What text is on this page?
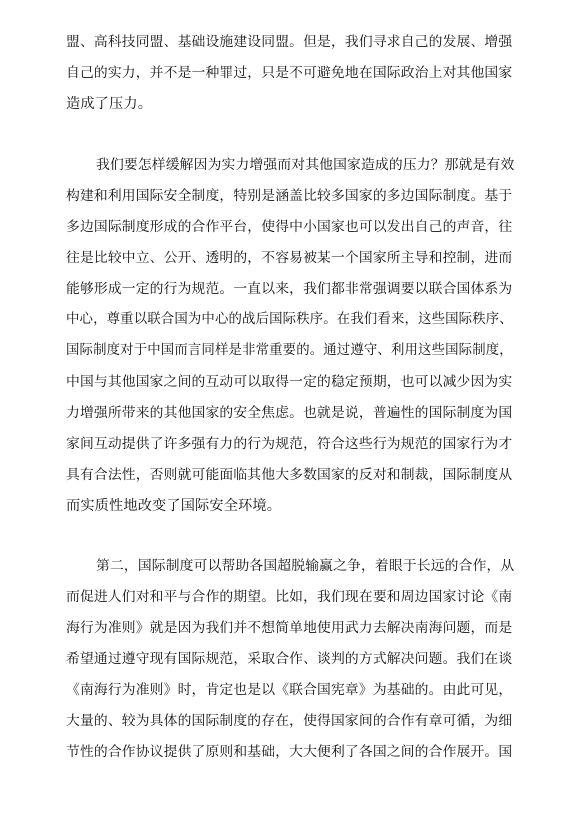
盟、高科技同盟、基础设施建设同盟。但是，我们寻求自己的发展、增强
自己的实力，并不是一种罪过，只是不可避免地在国际政治上对其他国家
造成了压力。
我们要怎样缓解因为实力增强而对其他国家造成的压力？那就是有效
构建和利用国际安全制度，特别是涵盖比较多国家的多边国际制度。基于
多边国际制度形成的合作平台，使得中小国家也可以发出自己的声音，往
往是比较中立、公开、透明的，不容易被某一个国家所主导和控制，进而
能够形成一定的行为规范。一直以来，我们都非常强调要以联合国体系为
中心，尊重以联合国为中心的战后国际秩序。在我们看来，这些国际秩序、
国际制度对于中国而言同样是非常重要的。通过遵守、利用这些国际制度，
中国与其他国家之间的互动可以取得一定的稳定预期，也可以减少因为实
力增强所带来的其他国家的安全焦虑。也就是说，普遍性的国际制度为国
家间互动提供了许多强有力的行为规范，符合这些行为规范的国家行为才
具有合法性，否则就可能面临其他大多数国家的反对和制裁，国际制度从
而实质性地改变了国际安全环境。
第二，国际制度可以帮助各国超脱输赢之争，着眼于长远的合作，从
而促进人们对和平与合作的期望。比如，我们现在要和周边国家讨论《南
海行为准则》就是因为我们并不想简单地使用武力去解决南海问题，而是
希望通过遵守现有国际规范，采取合作、谈判的方式解决问题。我们在谈
《南海行为准则》时，肯定也是以《联合国宪章》为基础的。由此可见，
大量的、较为具体的国际制度的存在，使得国家间的合作有章可循，为细
节性的合作协议提供了原则和基础，大大便利了各国之间的合作展开。国
